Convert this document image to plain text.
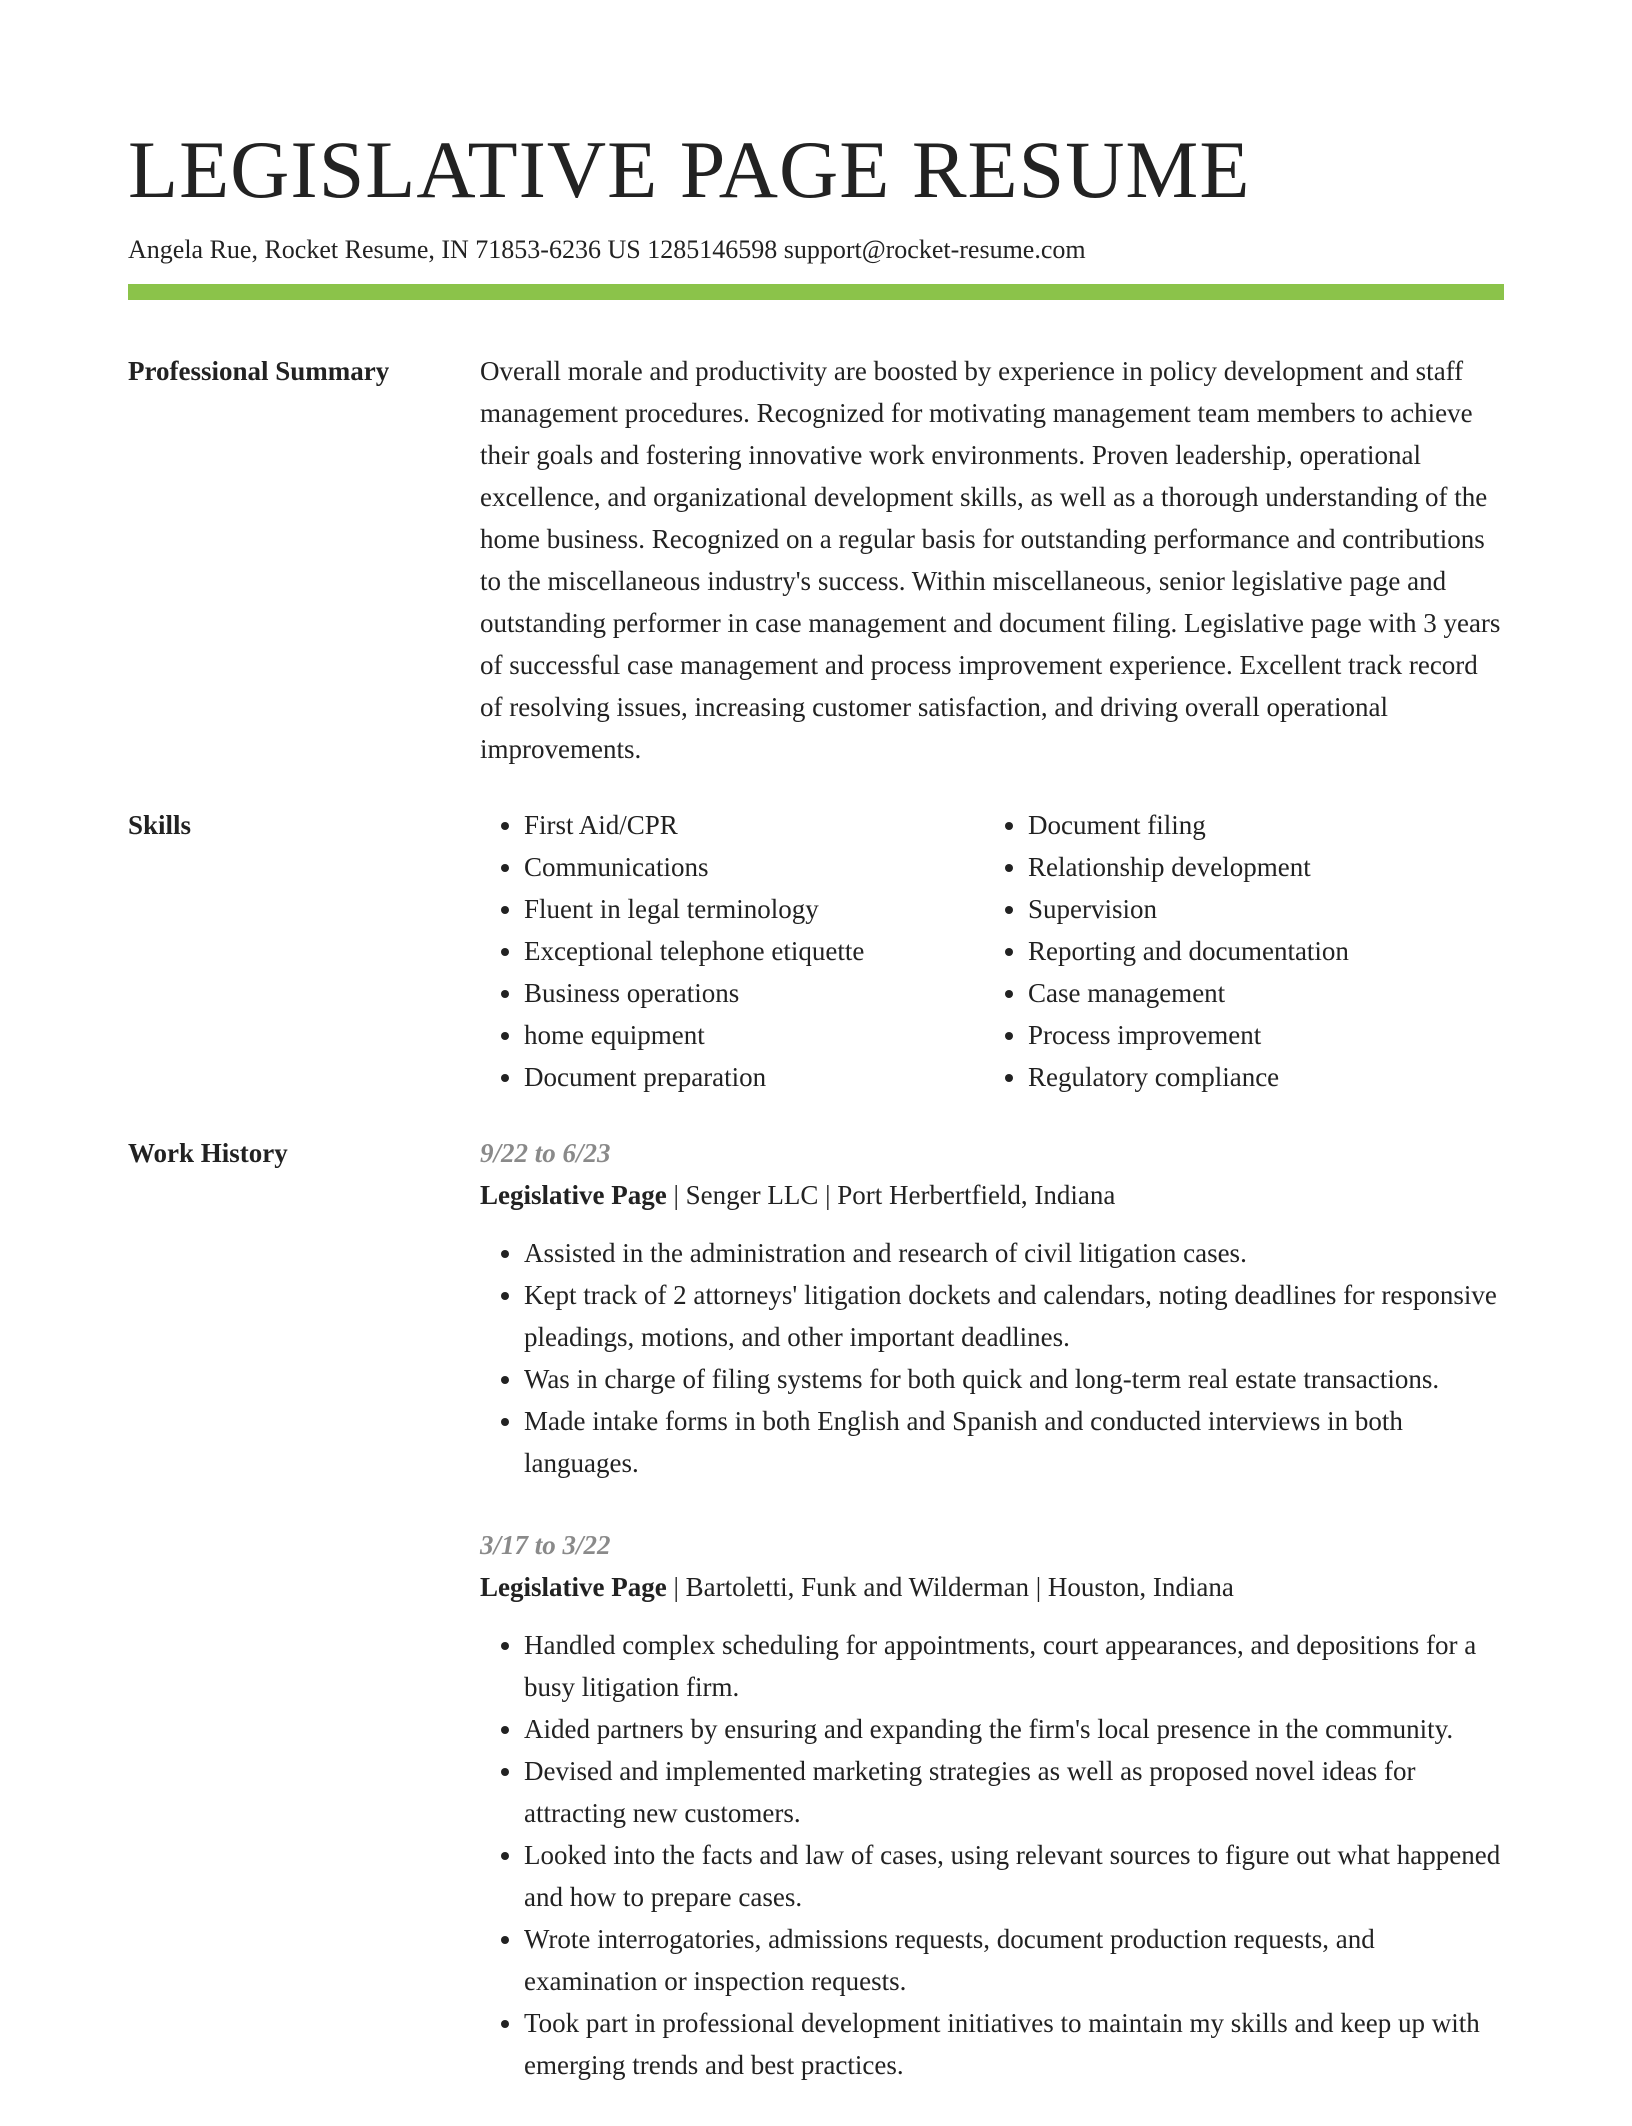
LEGISLATIVE PAGE RESUME
Angela Rue, Rocket Resume, IN 71853-6236 US 1285146598 support@rocket-resume.com
Professional Summary	Overall morale and productivity are boosted by experience in policy development and staff management procedures. Recognized for motivating management team members to achieve their goals and fostering innovative work environments. Proven leadership, operational excellence, and organizational development skills, as well as a thorough understanding of the home business. Recognized on a regular basis for outstanding performance and contributions to the miscellaneous industry's success. Within miscellaneous, senior legislative page and outstanding performer in case management and document filing. Legislative page with 3 years of successful case management and process improvement experience. Excellent track record of resolving issues, increasing customer satisfaction, and driving overall operational improvements.

Skills
•	First Aid/CPR
• Communications
• Fluent in legal terminology
• Exceptional telephone etiquette
• Business operations
• home equipment
• Document preparation
• Document filing
• Relationship development
• Supervision
• Reporting and documentation
• Case management
• Process improvement
• Regulatory compliance
Work History	9/22 to 6/23
Legislative Page | Senger LLC | Port Herbertfield, Indiana
• Assisted in the administration and research of civil litigation cases.
• Kept track of 2 attorneys' litigation dockets and calendars, noting deadlines for responsive pleadings, motions, and other important deadlines.
• Was in charge of filing systems for both quick and long-term real estate transactions.
• Made intake forms in both English and Spanish and conducted interviews in both languages.
3/17 to 3/22
Legislative Page | Bartoletti, Funk and Wilderman | Houston, Indiana
• Handled complex scheduling for appointments, court appearances, and depositions for a busy litigation firm.
• Aided partners by ensuring and expanding the firm's local presence in the community.
• Devised and implemented marketing strategies as well as proposed novel ideas for attracting new customers.
• Looked into the facts and law of cases, using relevant sources to figure out what happened and how to prepare cases.
• Wrote interrogatories, admissions requests, document production requests, and examination or inspection requests.
• Took part in professional development initiatives to maintain my skills and keep up with emerging trends and best practices.
